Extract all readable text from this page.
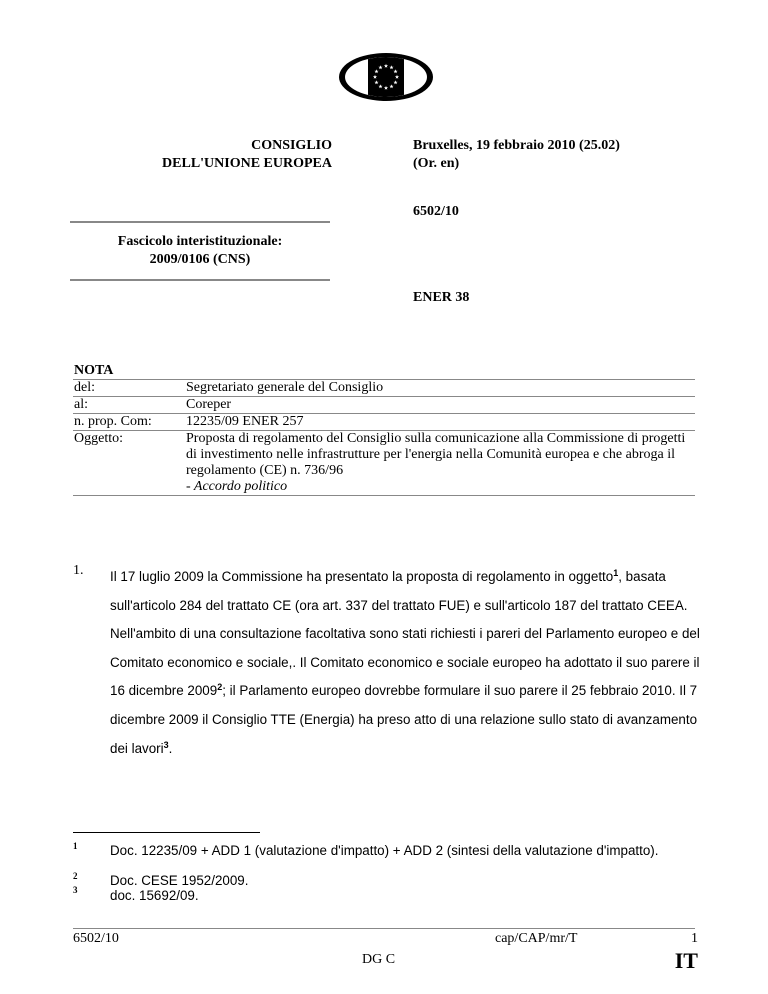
CONSIGLIO
DELL'UNIONE EUROPEA
Bruxelles, 19 febbraio 2010 (25.02)
(Or. en)
6502/10
Fascicolo interistituzionale:
2009/0106 (CNS)
ENER 38
NOTA
del:	Segretariato generale del Consiglio
al:	Coreper
n. prop. Com:	12235/09 ENER 257
Oggetto:	Proposta di regolamento del Consiglio sulla comunicazione alla Commissione di progetti di investimento nelle infrastrutture per l'energia nella Comunità europea e che abroga il regolamento (CE) n. 736/96
- Accordo politico
1. Il 17 luglio 2009 la Commissione ha presentato la proposta di regolamento in oggetto$^1$, basata sull'articolo 284 del trattato CE (ora art. 337 del trattato FUE) e sull'articolo 187 del trattato CEEA. Nell'ambito di una consultazione facoltativa sono stati richiesti i pareri del Parlamento europeo e del Comitato economico e sociale,. Il Comitato economico e sociale europeo ha adottato il suo parere il 16 dicembre 2009$^2$; il Parlamento europeo dovrebbe formulare il suo parere il 25 febbraio 2010. Il 7 dicembre 2009 il Consiglio TTE (Energia) ha preso atto di una relazione sullo stato di avanzamento dei lavori$^3$.
1 Doc. 12235/09 + ADD 1 (valutazione d'impatto) + ADD 2 (sintesi della valutazione d'impatto).
2 Doc. CESE 1952/2009.
3 doc. 15692/09.
6502/10	cap/CAP/mr/T	1
DG C	IT
